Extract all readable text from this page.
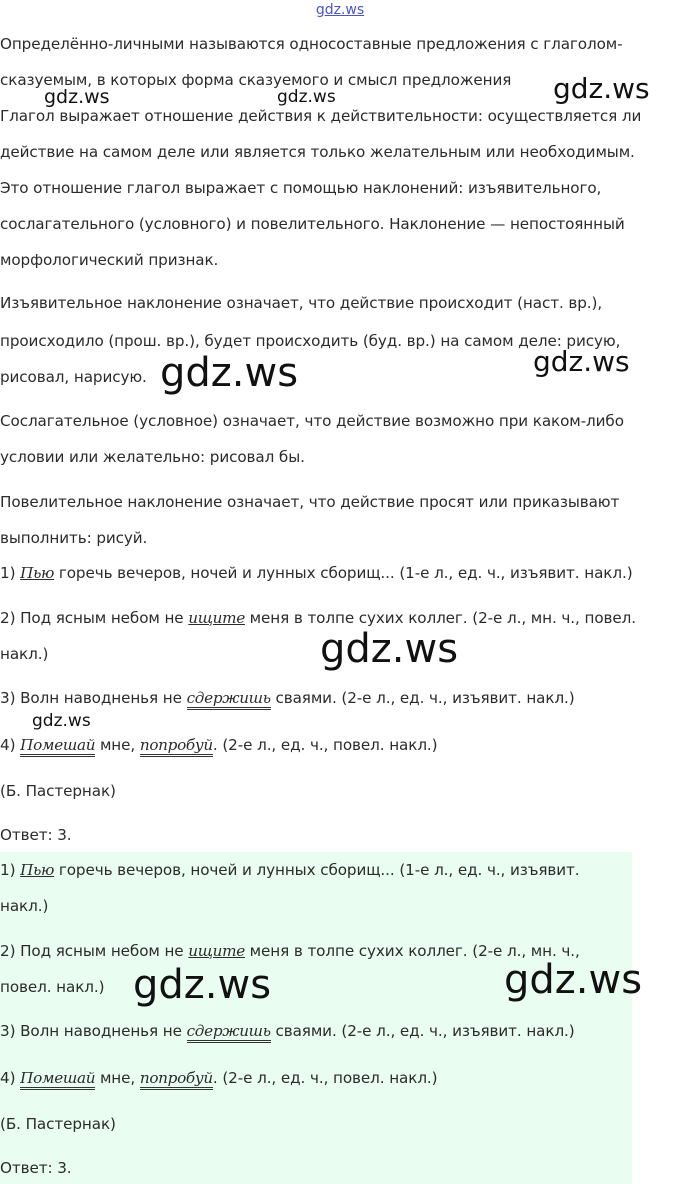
gdz.ws
Определённо-личными называются односоставные предложения с глаголом-
сказуемым, в которых форма сказуемого и смысл предложения
Глагол выражает отношение действия к действительности: осуществляется ли
действие на самом деле или является только желательным или необходимым.
Это отношение глагол выражает с помощью наклонений: изъявительного,
сослагательного (условного) и повелительного. Наклонение — непостоянный
морфологический признак.
Изъявительное наклонение означает, что действие происходит (наст. вр.),
происходило (прош. вр.), будет происходить (буд. вр.) на самом деле: рисую,
рисовал, нарисую.
Сослагательное (условное) означает, что действие возможно при каком-либо
условии или желательно: рисовал бы.
Повелительное наклонение означает, что действие просят или приказывают
выполнить: рисуй.
1) Пью горечь вечеров, ночей и лунных сборищ... (1-е л., ед. ч., изъявит. накл.)
2) Под ясным небом не ищите меня в толпе сухих коллег. (2-е л., мн. ч., повел.
накл.)
3) Волн наводненья не сдержишь сваями. (2-е л., ед. ч., изъявит. накл.)
4) Помешай мне, попробуй. (2-е л., ед. ч., повел. накл.)
(Б. Пастернак)
Ответ: 3.
1) Пью горечь вечеров, ночей и лунных сборищ... (1-е л., ед. ч., изъявит.
накл.)
2) Под ясным небом не ищите меня в толпе сухих коллег. (2-е л., мн. ч.,
повел. накл.)
3) Волн наводненья не сдержишь сваями. (2-е л., ед. ч., изъявит. накл.)
4) Помешай мне, попробуй. (2-е л., ед. ч., повел. накл.)
(Б. Пастернак)
Ответ: 3.
gdz.ws	gdz.ws	gdz.ws
gdz.ws	gdz.ws
gdz.ws
gdz.ws
gdz.ws	gdz.ws
